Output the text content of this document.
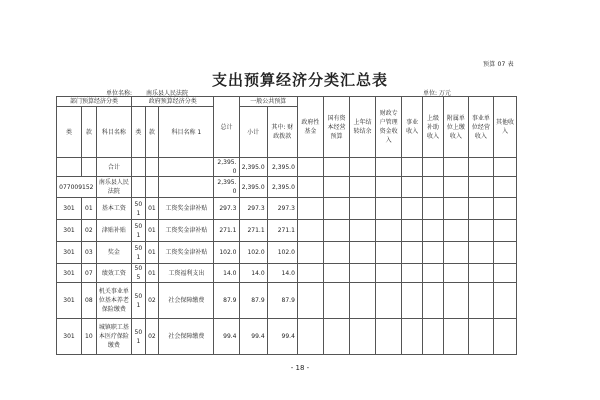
预算 07 表
支出预算经济分类汇总表
单位名称: 南乐县人民法院	单位: 万元
部门预算经济分类			政府预算经济分类			总计	一般公共预算		政府性基金	国有资本经营预算	上年结转结余	财政专户管理资金收入	事业收入	上级补助收入	附属单位上缴收入	事业单位经营收入	其他收入
类	款	科目名称	类	款	科目名称 1		小计	其中: 财政拨款									
		合计				2,395.0	2,395.0	2,395.0									
077009152		南乐县人民法院				2,395.0	2,395.0	2,395.0									
301	01	基本工资	501	01	工资奖金津补贴	297.3	297.3	297.3									
301	02	津贴补贴	501	01	工资奖金津补贴	271.1	271.1	271.1									
301	03	奖金	501	01	工资奖金津补贴	102.0	102.0	102.0									
301	07	绩效工资	505	01	工资福利支出	14.0	14.0	14.0									
301	08	机关事业单位基本养老保险缴费	501	02	社会保障缴费	87.9	87.9	87.9									
301	10	城镇职工基本医疗保险缴费	501	02	社会保障缴费	99.4	99.4	99.4									
- 18 -
